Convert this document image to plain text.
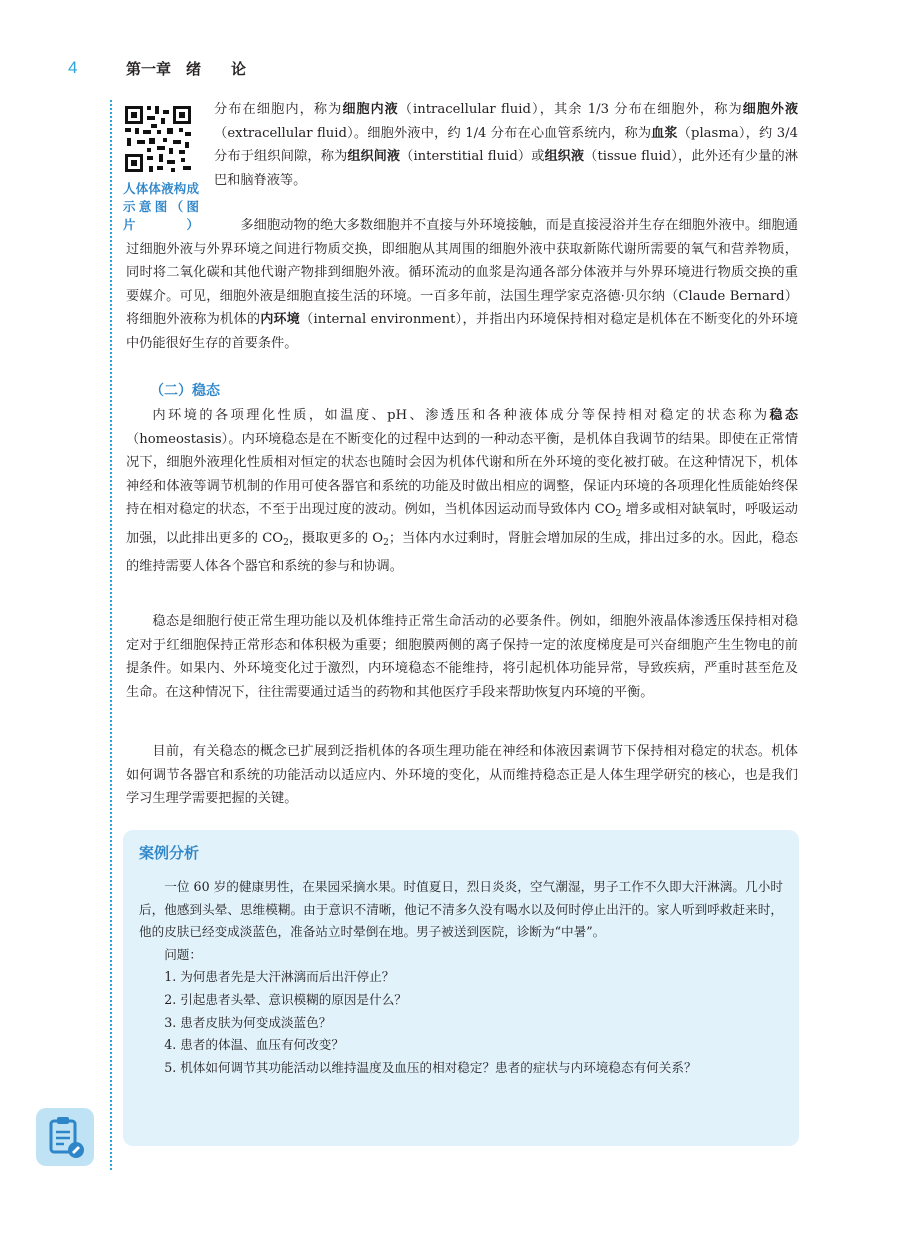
4	第一章　绪　　论
人体体液构成示意图（图片）

分布在细胞内，称为细胞内液（intracellular fluid），其余 1/3 分布在细胞外，称为细胞外液（extracellular fluid）。细胞外液中，约 1/4 分布在心血管系统内，称为血浆（plasma），约 3/4 分布于组织间隙，称为组织间液（interstitial fluid）或组织液（tissue fluid），此外还有少量的淋巴和脑脊液等。

多细胞动物的绝大多数细胞并不直接与外环境接触，而是直接浸浴并生存在细胞外液中。细胞通过细胞外液与外界环境之间进行物质交换，即细胞从其周围的细胞外液中获取新陈代谢所需要的氧气和营养物质，同时将二氧化碳和其他代谢产物排到细胞外液。循环流动的血浆是沟通各部分体液并与外界环境进行物质交换的重要媒介。可见，细胞外液是细胞直接生活的环境。一百多年前，法国生理学家克洛德·贝尔纳（Claude Bernard）将细胞外液称为机体的内环境（internal environment），并指出内环境保持相对稳定是机体在不断变化的外环境中仍能很好生存的首要条件。

（二）稳态

内环境的各项理化性质，如温度、pH、渗透压和各种液体成分等保持相对稳定的状态称为稳态（homeostasis）。内环境稳态是在不断变化的过程中达到的一种动态平衡，是机体自我调节的结果。即使在正常情况下，细胞外液理化性质相对恒定的状态也随时会因为机体代谢和所在外环境的变化被打破。在这种情况下，机体神经和体液等调节机制的作用可使各器官和系统的功能及时做出相应的调整，保证内环境的各项理化性质能始终保持在相对稳定的状态，不至于出现过度的波动。例如，当机体因运动而导致体内 $CO_2$ 增多或相对缺氧时，呼吸运动加强，以此排出更多的 $CO_2$，摄取更多的 $O_2$；当体内水过剩时，肾脏会增加尿的生成，排出过多的水。因此，稳态的维持需要人体各个器官和系统的参与和协调。

稳态是细胞行使正常生理功能以及机体维持正常生命活动的必要条件。例如，细胞外液晶体渗透压保持相对稳定对于红细胞保持正常形态和体积极为重要；细胞膜两侧的离子保持一定的浓度梯度是可兴奋细胞产生生物电的前提条件。如果内、外环境变化过于激烈，内环境稳态不能维持，将引起机体功能异常，导致疾病，严重时甚至危及生命。在这种情况下，往往需要通过适当的药物和其他医疗手段来帮助恢复内环境的平衡。

目前，有关稳态的概念已扩展到泛指机体的各项生理功能在神经和体液因素调节下保持相对稳定的状态。机体如何调节各器官和系统的功能活动以适应内、外环境的变化，从而维持稳态正是人体生理学研究的核心，也是我们学习生理学需要把握的关键。

案例分析

一位 60 岁的健康男性，在果园采摘水果。时值夏日，烈日炎炎，空气潮湿，男子工作不久即大汗淋漓。几小时后，他感到头晕、思维模糊。由于意识不清晰，他记不清多久没有喝水以及何时停止出汗的。家人听到呼救赶来时，他的皮肤已经变成淡蓝色，准备站立时晕倒在地。男子被送到医院，诊断为“中暑”。

问题：

1. 为何患者先是大汗淋漓而后出汗停止？

2. 引起患者头晕、意识模糊的原因是什么？

3. 患者皮肤为何变成淡蓝色？

4. 患者的体温、血压有何改变？

5. 机体如何调节其功能活动以维持温度及血压的相对稳定？患者的症状与内环境稳态有何关系？
